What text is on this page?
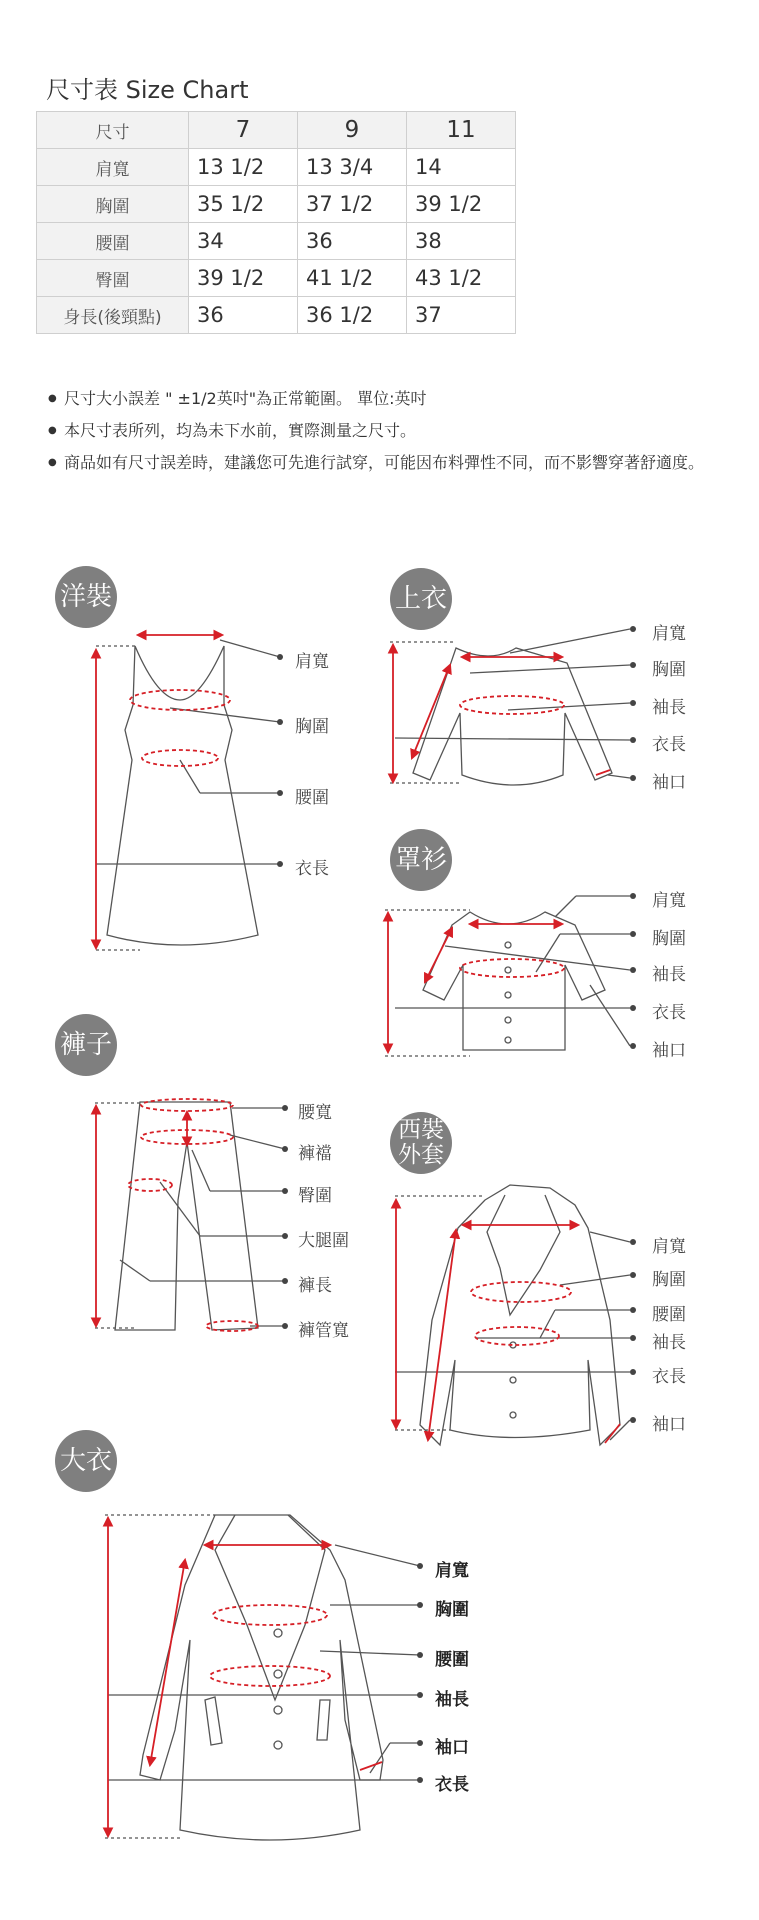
尺寸表 Size Chart
尺寸	7	9	11
肩寬	13 1/2	13 3/4	14
胸圍	35 1/2	37 1/2	39 1/2
腰圍	34	36	38
臀圍	39 1/2	41 1/2	43 1/2
身長(後頸點)	36	36 1/2	37
● 尺寸大小誤差 " ±1/2英吋"為正常範圍。 單位:英吋
● 本尺寸表所列，均為未下水前，實際測量之尺寸。
● 商品如有尺寸誤差時，建議您可先進行試穿，可能因布料彈性不同，而不影響穿著舒適度。
洋裝	上衣
罩衫
褲子
西裝外套
大衣
肩寬
胸圍
腰圍
衣長
肩寬
胸圍
袖長
衣長
袖口
肩寬
胸圍
袖長
衣長
袖口
腰寬
褲襠
臀圍
大腿圍
褲長
褲管寬
肩寬
胸圍
腰圍
袖長
衣長
袖口
肩寬
胸圍
腰圍
袖長
袖口
衣長
